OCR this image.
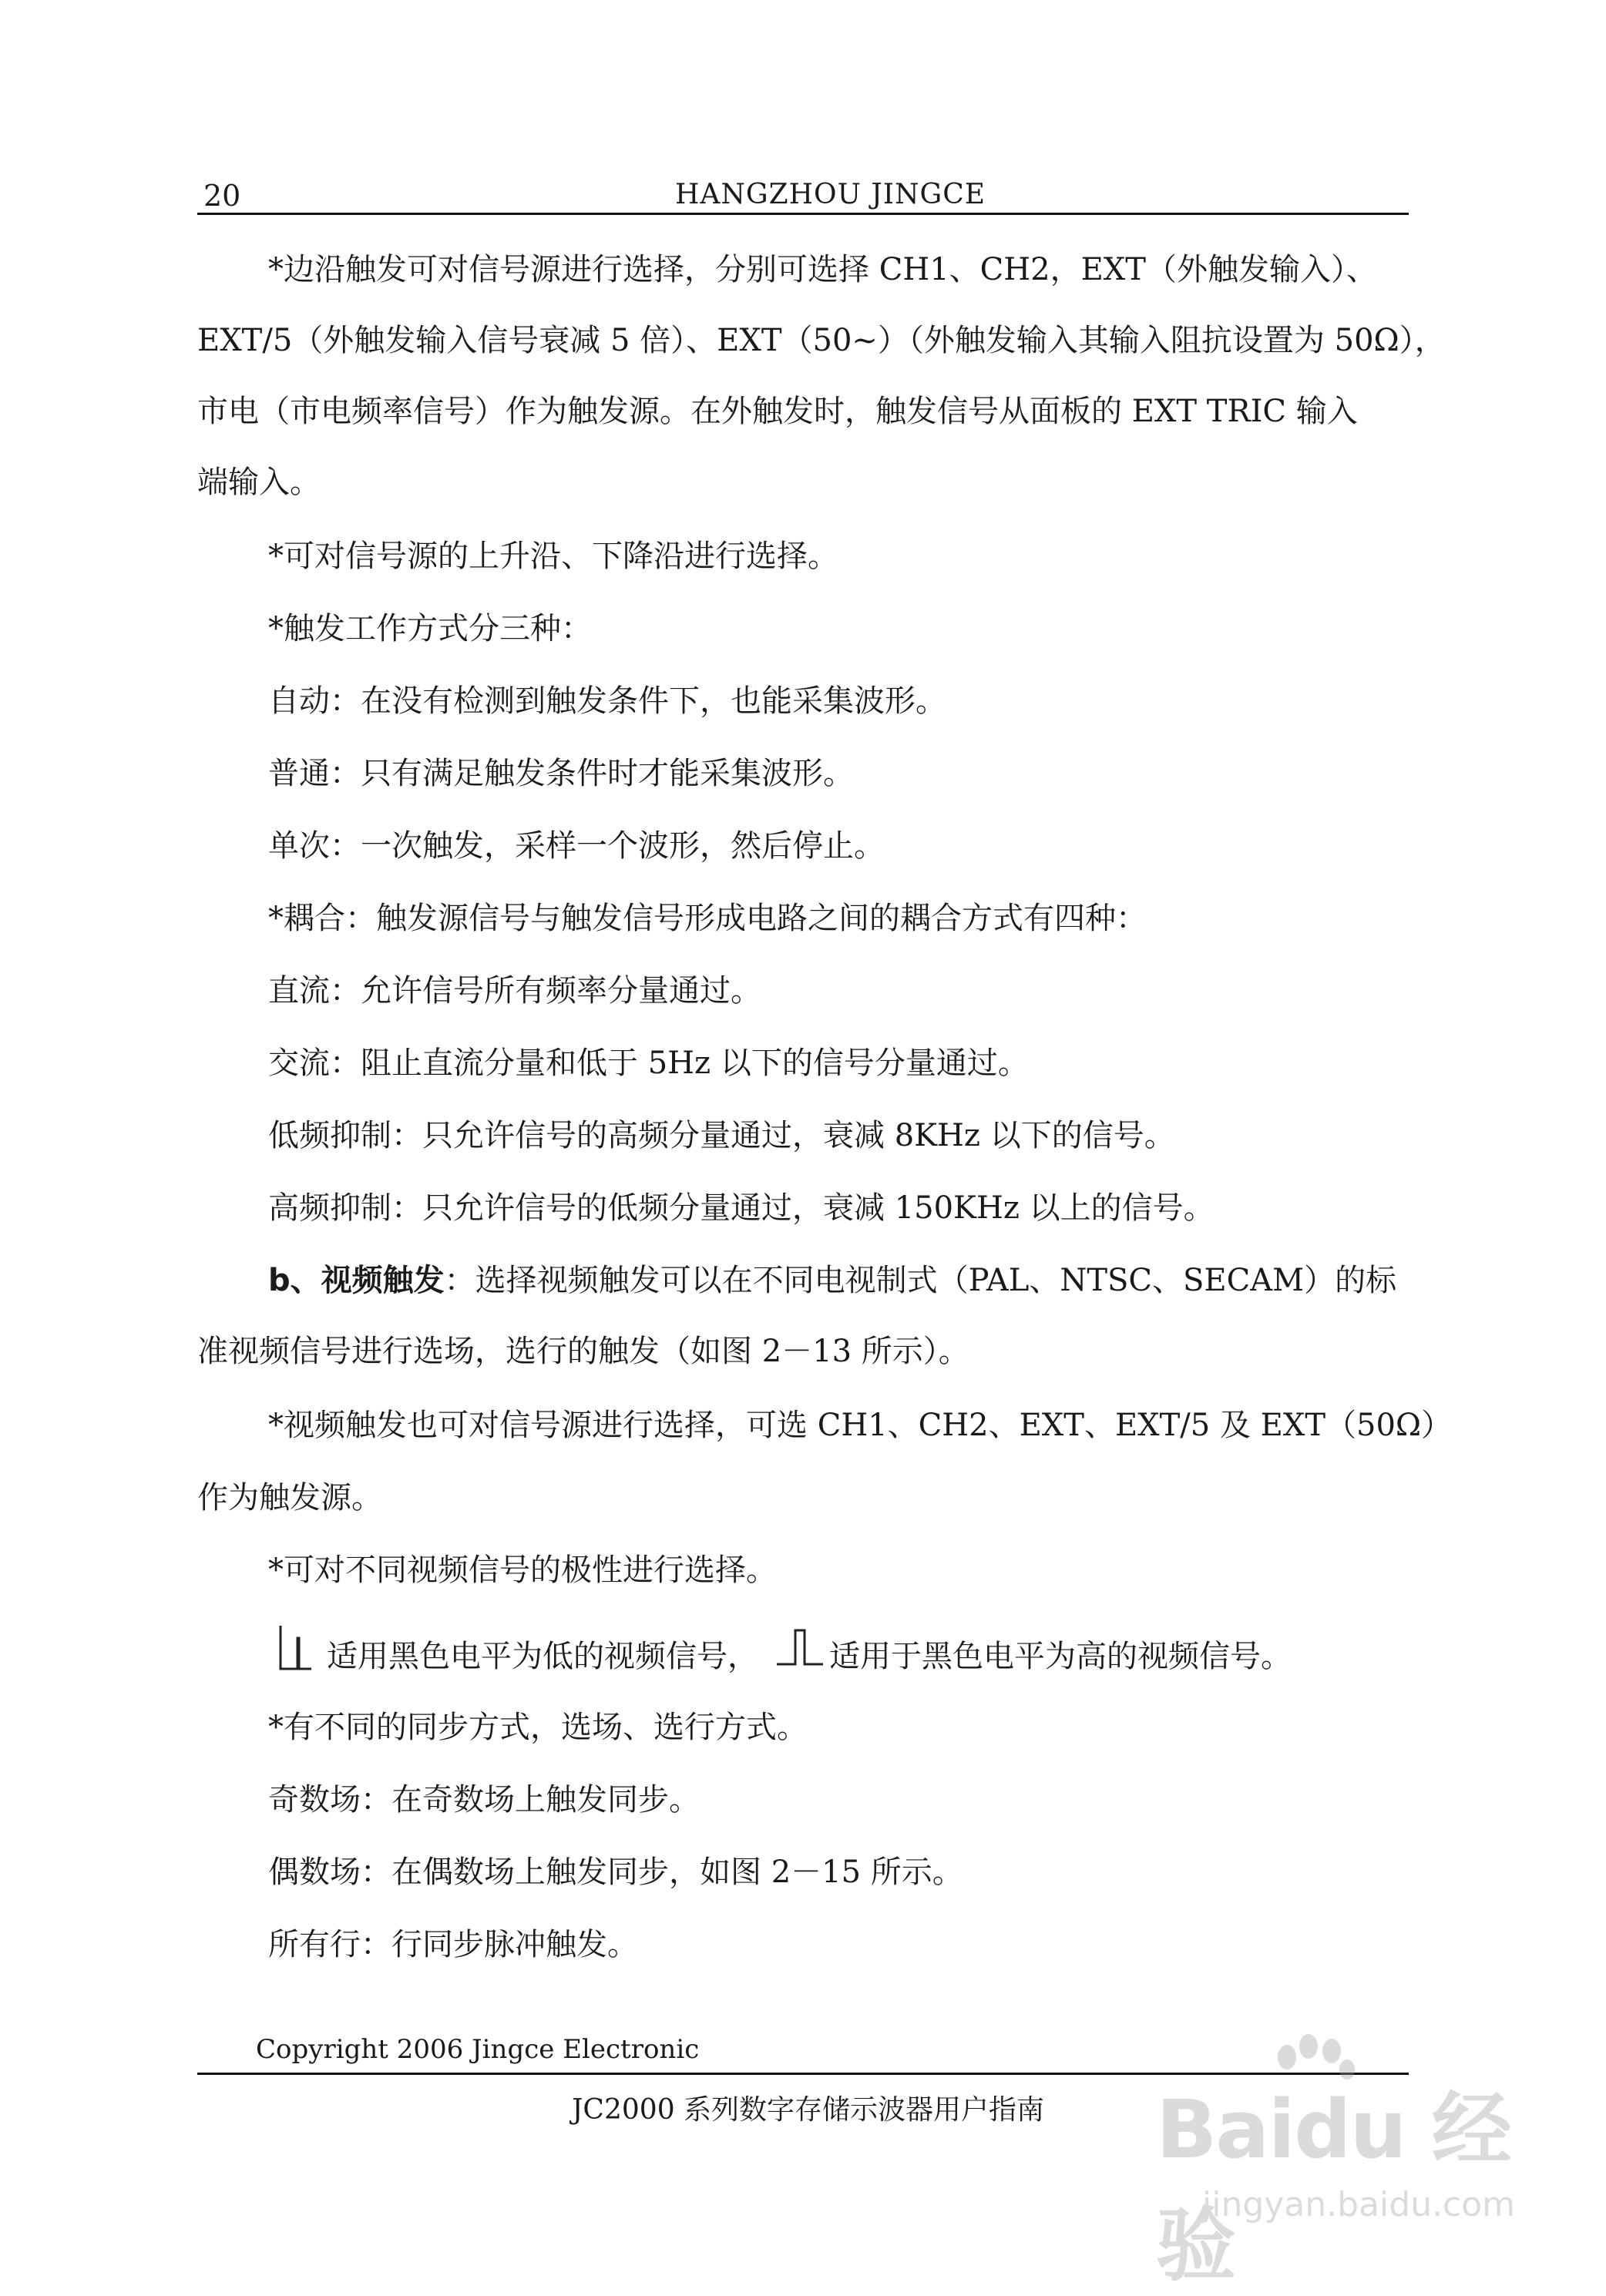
20	HANGZHOU JINGCE
*边沿触发可对信号源进行选择，分别可选择 CH1、CH2，EXT（外触发输入）、
EXT/5（外触发输入信号衰减 5 倍）、EXT（50~）（外触发输入其输入阻抗设置为 50Ω），
市电（市电频率信号）作为触发源。在外触发时，触发信号从面板的 EXT TRIC 输入
端输入。
*可对信号源的上升沿、下降沿进行选择。
*触发工作方式分三种：
自动：在没有检测到触发条件下，也能采集波形。
普通：只有满足触发条件时才能采集波形。
单次：一次触发，采样一个波形，然后停止。
*耦合：触发源信号与触发信号形成电路之间的耦合方式有四种：
直流：允许信号所有频率分量通过。
交流：阻止直流分量和低于 5Hz 以下的信号分量通过。
低频抑制：只允许信号的高频分量通过，衰减 8KHz 以下的信号。
高频抑制：只允许信号的低频分量通过，衰减 150KHz 以上的信号。
b、视频触发：选择视频触发可以在不同电视制式（PAL、NTSC、SECAM）的标
准视频信号进行选场，选行的触发（如图 2－13 所示）。
*视频触发也可对信号源进行选择，可选 CH1、CH2、EXT、EXT/5 及 EXT（50Ω）
作为触发源。
*可对不同视频信号的极性进行选择。
适用黑色电平为低的视频信号， 适用于黑色电平为高的视频信号。
*有不同的同步方式，选场、选行方式。
奇数场：在奇数场上触发同步。
偶数场：在偶数场上触发同步，如图 2－15 所示。
所有行：行同步脉冲触发。
Copyright 2006 Jingce Electronic
JC2000 系列数字存储示波器用户指南 Baidu 经验
jingyan.baidu.com
